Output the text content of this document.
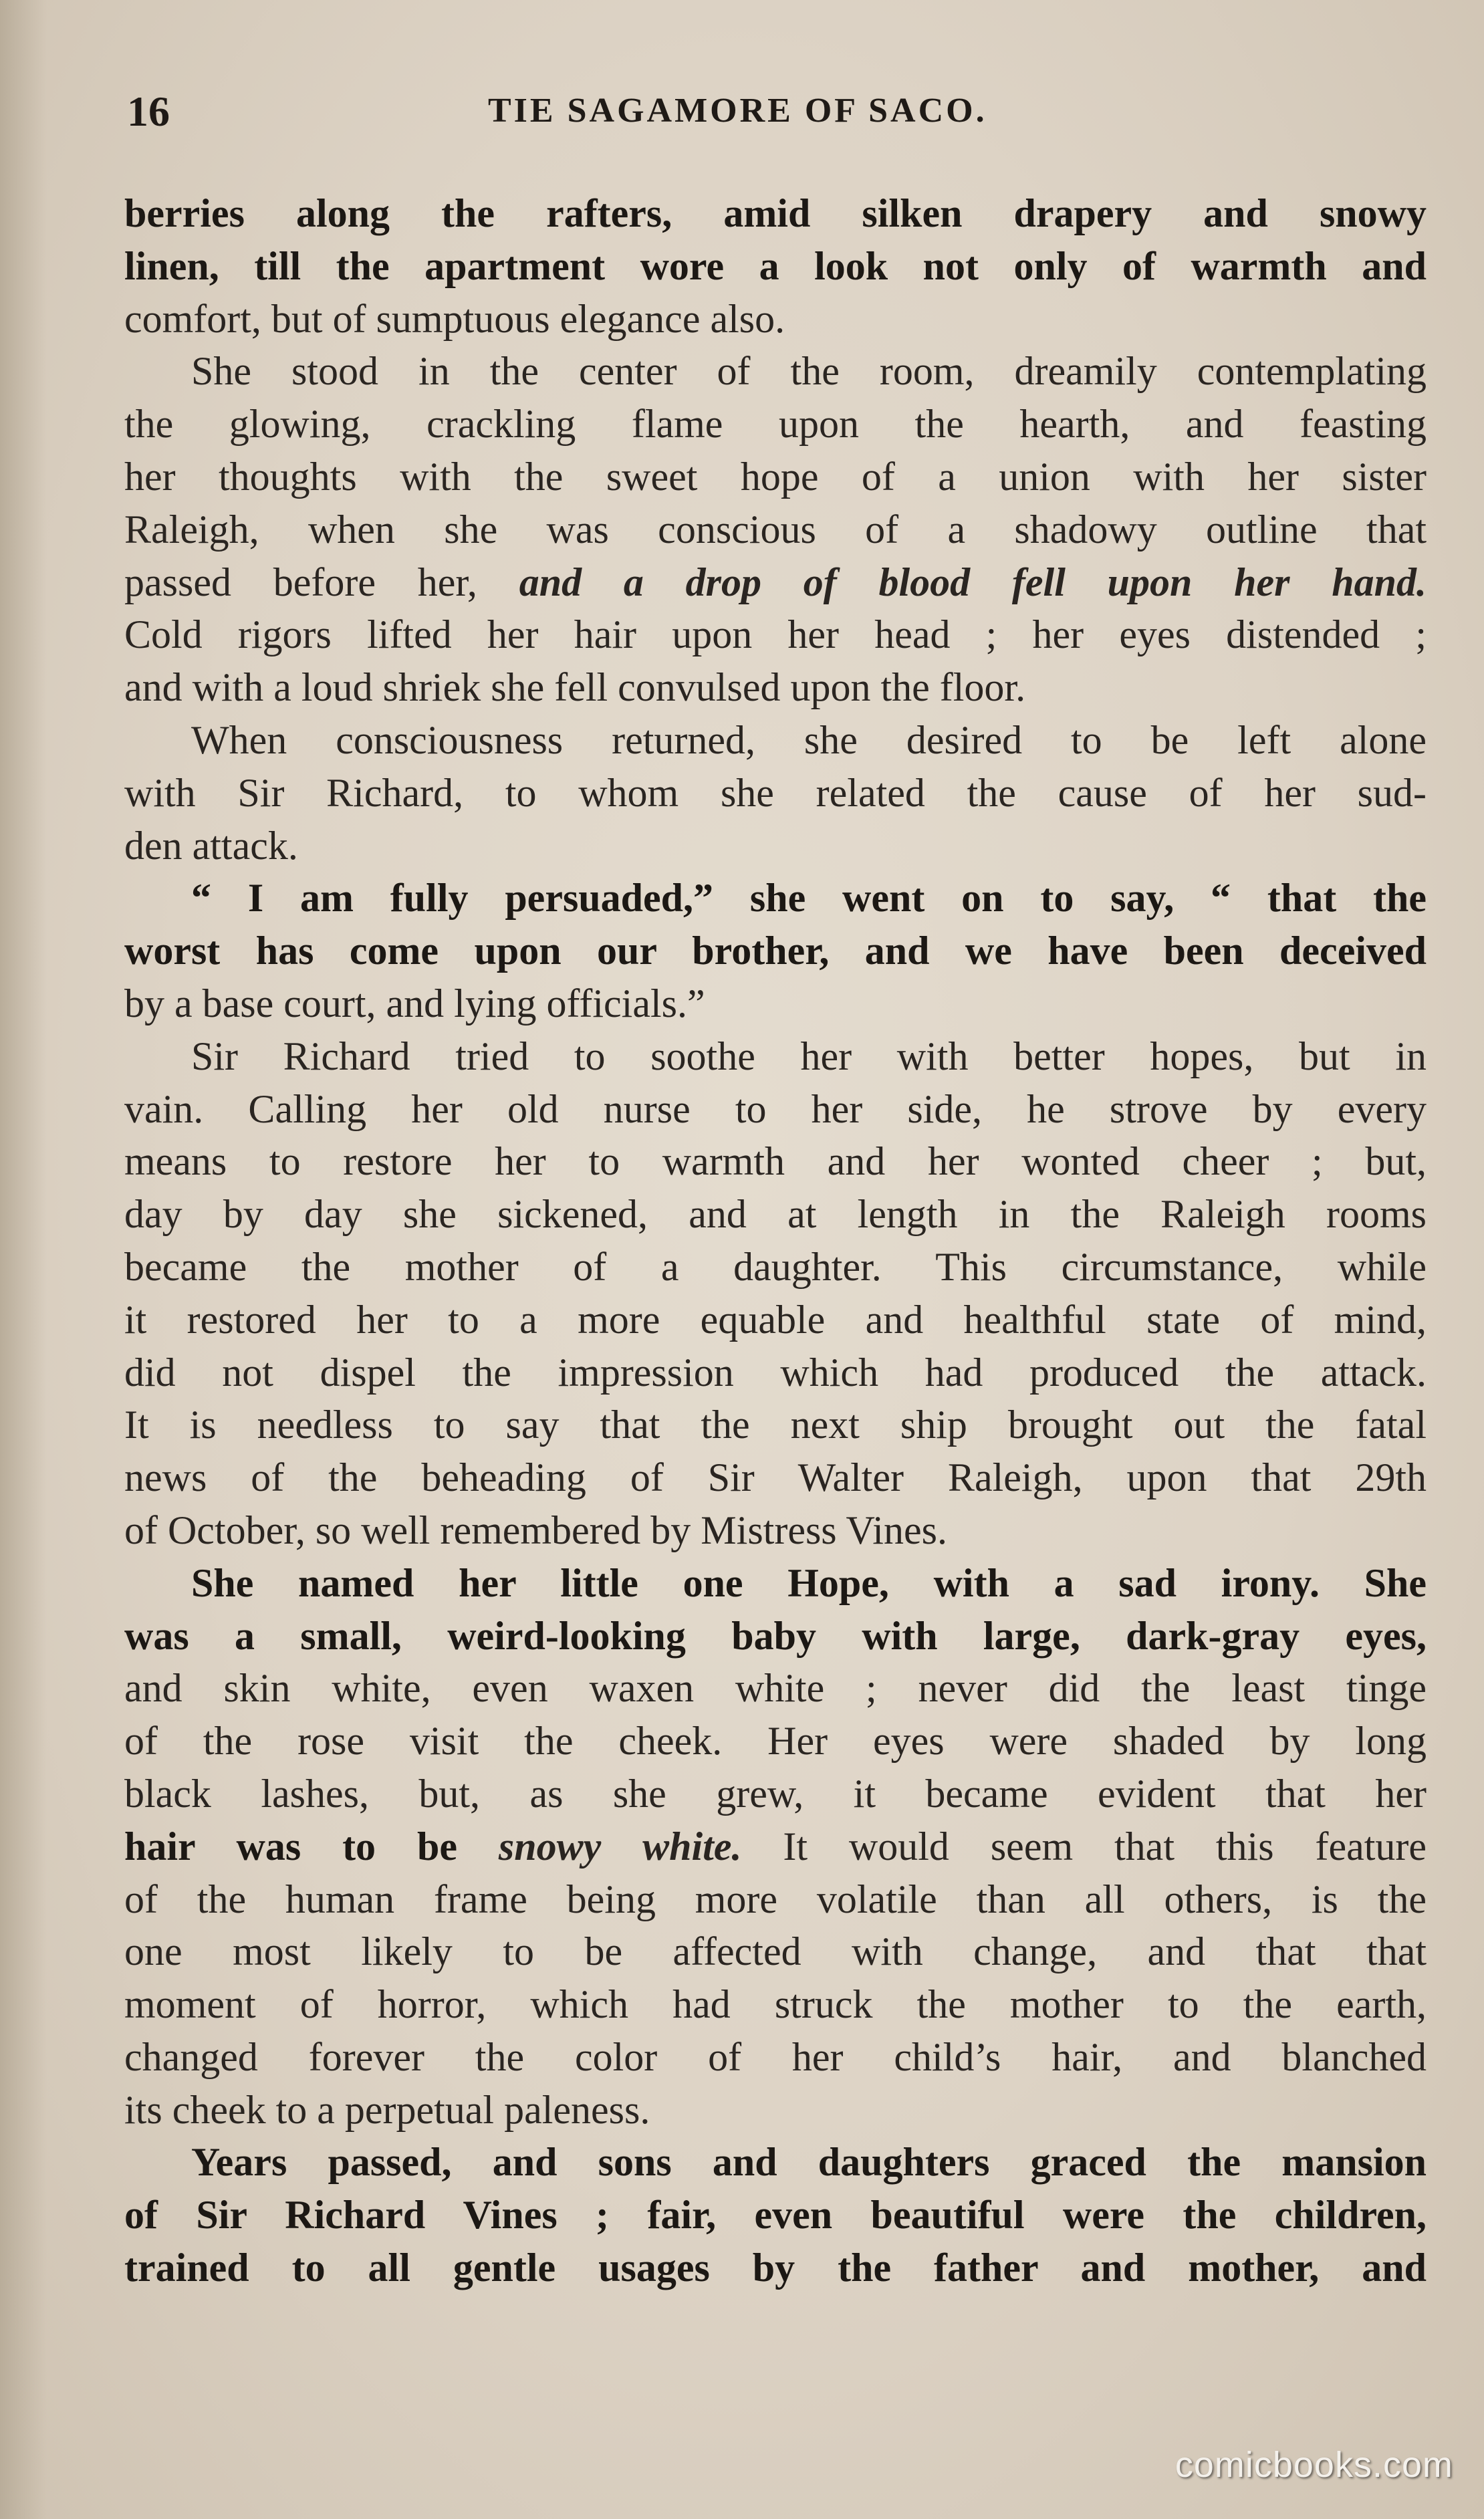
16	TIE SAGAMORE OF SACO.
berries along the rafters, amid silken drapery and snowy
linen, till the apartment wore a look not only of warmth and
comfort, but of sumptuous elegance also.
She stood in the center of the room, dreamily contemplating
the glowing, crackling flame upon the hearth, and feasting
her thoughts with the sweet hope of a union with her sister
Raleigh, when she was conscious of a shadowy outline that
passed before her, and a drop of blood fell upon her hand.
Cold rigors lifted her hair upon her head ; her eyes distended ;
and with a loud shriek she fell convulsed upon the floor.
When consciousness returned, she desired to be left alone
with Sir Richard, to whom she related the cause of her sud-
den attack.
“ I am fully persuaded,” she went on to say, “ that the
worst has come upon our brother, and we have been deceived
by a base court, and lying officials.”
Sir Richard tried to soothe her with better hopes, but in
vain. Calling her old nurse to her side, he strove by every
means to restore her to warmth and her wonted cheer ; but,
day by day she sickened, and at length in the Raleigh rooms
became the mother of a daughter. This circumstance, while
it restored her to a more equable and healthful state of mind,
did not dispel the impression which had produced the attack.
It is needless to say that the next ship brought out the fatal
news of the beheading of Sir Walter Raleigh, upon that 29th
of October, so well remembered by Mistress Vines.
She named her little one Hope, with a sad irony. She
was a small, weird-looking baby with large, dark-gray eyes,
and skin white, even waxen white ; never did the least tinge
of the rose visit the cheek. Her eyes were shaded by long
black lashes, but, as she grew, it became evident that her
hair was to be snowy white. It would seem that this feature
of the human frame being more volatile than all others, is the
one most likely to be affected with change, and that that
moment of horror, which had struck the mother to the earth,
changed forever the color of her child’s hair, and blanched
its cheek to a perpetual paleness.
Years passed, and sons and daughters graced the mansion
of Sir Richard Vines ; fair, even beautiful were the children,
trained to all gentle usages by the father and mother, and
comicbooks.com
